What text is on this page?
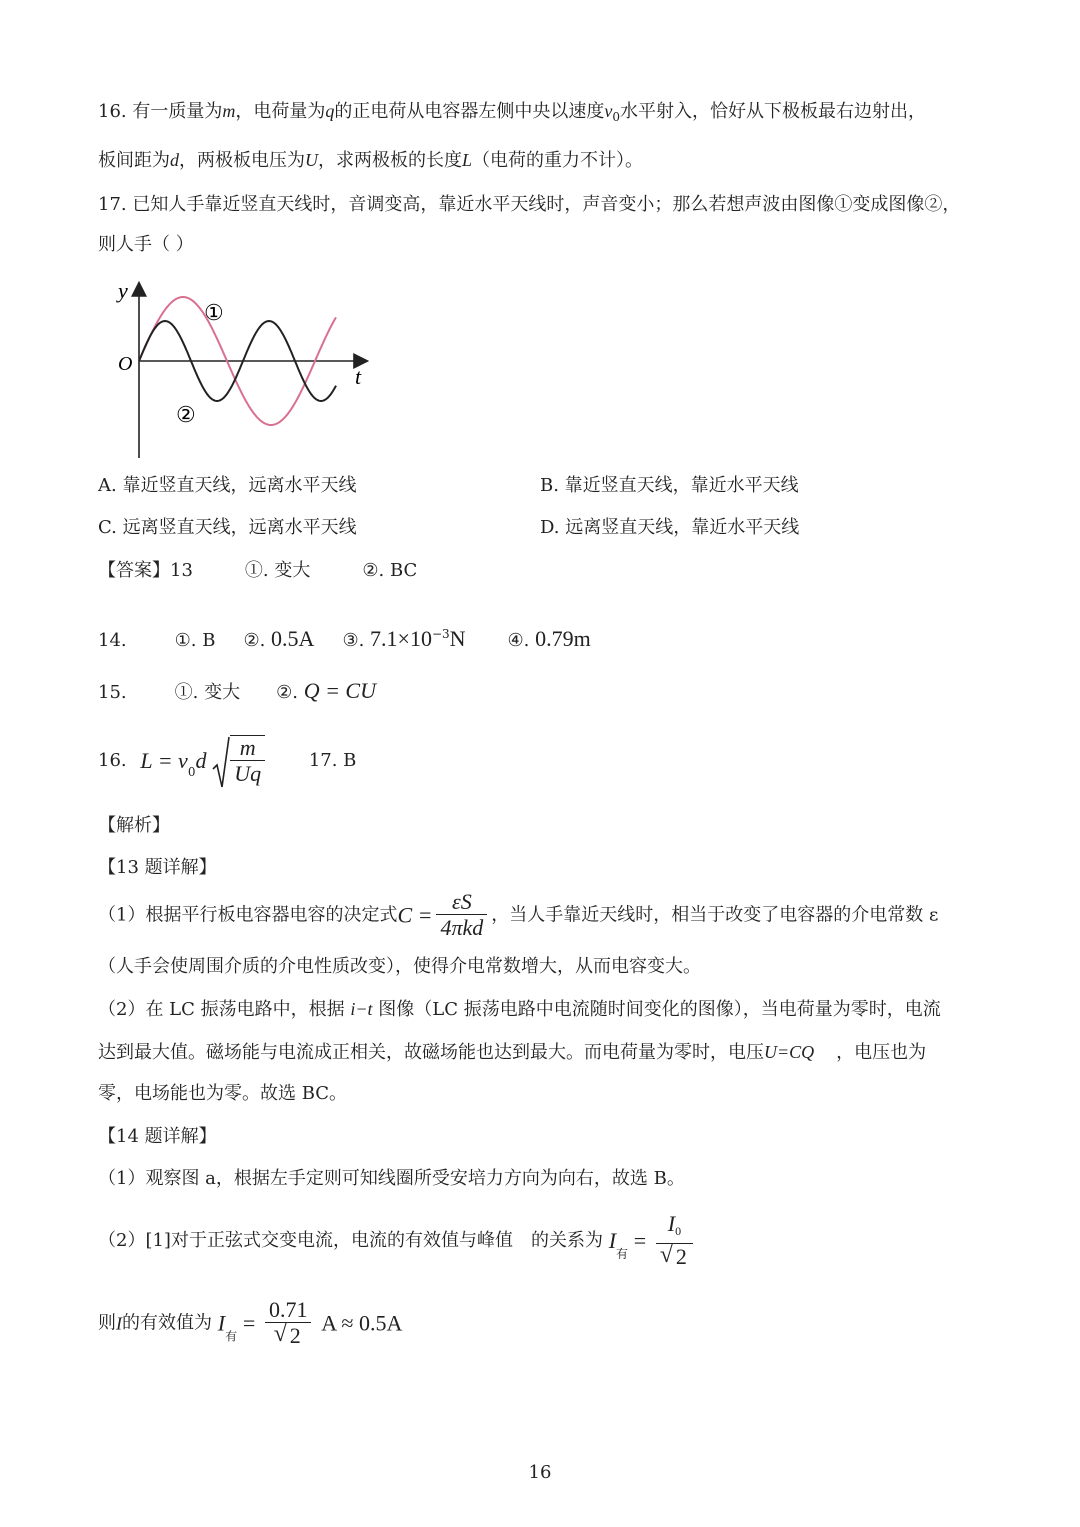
16. 有一质量为m，电荷量为q的正电荷从电容器左侧中央以速度$v_0$水平射入，恰好从下极板最右边射出，
板间距为d，两极板电压为U，求两极板的长度L（电荷的重力不计）。
17. 已知人手靠近竖直天线时，音调变高，靠近水平天线时，声音变小；那么若想声波由图像①变成图像②，
则人手（ ）
y
t
O
①
②
A. 靠近竖直天线，远离水平天线	B. 靠近竖直天线，靠近水平天线
C. 远离竖直天线，远离水平天线	D. 远离竖直天线，靠近水平天线
【答案】13	①. 变大	②. BC
14.	①. B ②. 0.5A ③. $7.1\times 10^{-3}N$ ④. 0.79m
15.	①. 变大 ②. Q = CU
16. $L = v_0d \frac{m}{Uq} 17$. B
【解析】
【13 题详解】
（1）根据平行板电容器电容的决定式$C = \frac{\varepsilon S}{\text{4πkd}}$ ，当人手靠近天线时，相当于改变了电容器的介电常数 ε
（人手会使周围介质的介电性质改变），使得介电常数增大，从而电容变大。
（2）在 LC 振荡电路中，根据 i−t 图像（LC 振荡电路中电流随时间变化的图像），当电荷量为零时，电流
达到最大值。磁场能与电流成正相关，故磁场能也达到最大。而电荷量为零时，电压U=CQ ，电压也为
零，电场能也为零。故选 BC。
【14 题详解】
（1）观察图 a，根据左手定则可知线圈所受安培力方向为向右，故选 B。
（2）[1]对于正弦式交变电流，电流的有效值与峰值 的关系为 $I_有 = I_0$
√ 2
则I的有效值为 $I_有 = 0.71$
√ 2 A ≈ 0.5A
16
